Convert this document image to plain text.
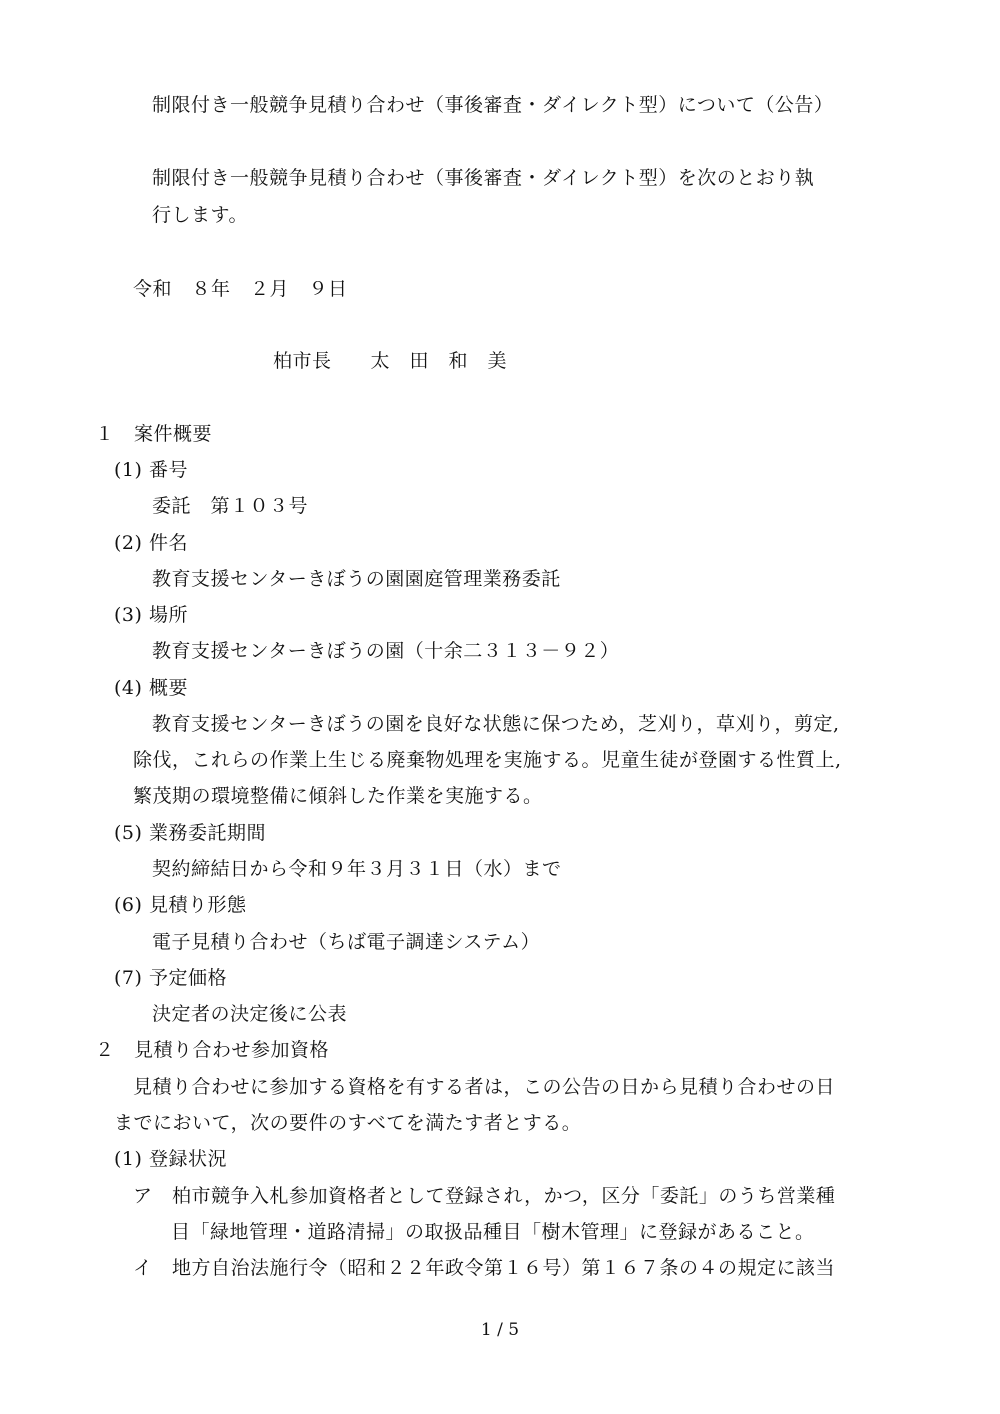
制限付き一般競争見積り合わせ（事後審査・ダイレクト型）について（公告）
制限付き一般競争見積り合わせ（事後審査・ダイレクト型）を次のとおり執
行します。
令和　８年　２月　９日
柏市長　　太　田　和　美
１　案件概要
(1) 番号
委託　第１０３号
(2) 件名
教育支援センターきぼうの園園庭管理業務委託
(3) 場所
教育支援センターきぼうの園（十余二３１３－９２）
(4) 概要
教育支援センターきぼうの園を良好な状態に保つため，芝刈り，草刈り，剪定,
除伐，これらの作業上生じる廃棄物処理を実施する。児童生徒が登園する性質上,
繁茂期の環境整備に傾斜した作業を実施する。
(5) 業務委託期間
契約締結日から令和９年３月３１日（水）まで
(6) 見積り形態
電子見積り合わせ（ちば電子調達システム）
(7) 予定価格
決定者の決定後に公表
２　見積り合わせ参加資格
見積り合わせに参加する資格を有する者は，この公告の日から見積り合わせの日
までにおいて，次の要件のすべてを満たす者とする。
(1) 登録状況
ア　柏市競争入札参加資格者として登録され，かつ，区分「委託」のうち営業種
目「緑地管理・道路清掃」の取扱品種目「樹木管理」に登録があること。
イ　地方自治法施行令（昭和２２年政令第１６号）第１６７条の４の規定に該当
1 / 5
